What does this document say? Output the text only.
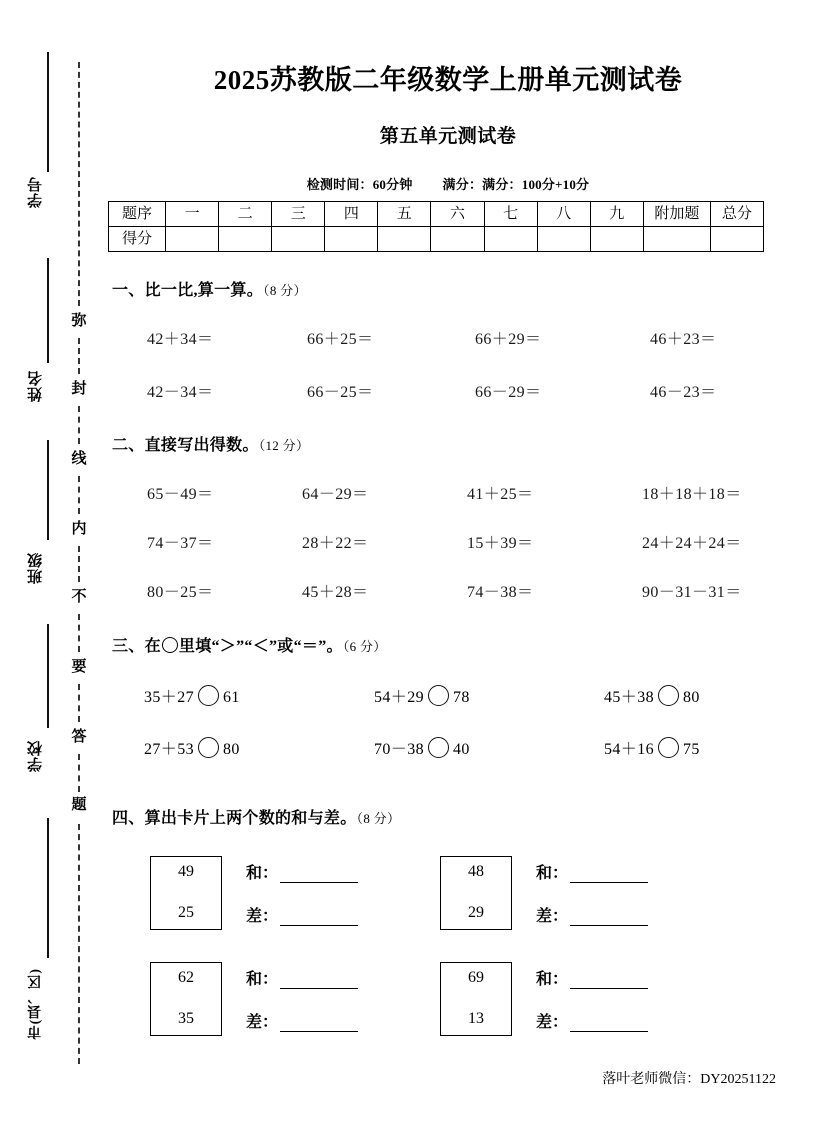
学号
姓名
班级
学校
市(县、区)
弥
封
线
内
不
要
答
题
2025苏教版二年级数学上册单元测试卷
第五单元测试卷

检测时间：60分钟 满分：满分：100分+10分

题序	一	二	三	四	五	六	七	八	九	附加题	总分
得分											
一、比一比,算一算。（8 分）
42＋34＝	66＋25＝	66＋29＝	46＋23＝
42－34＝	66－25＝	66－29＝	46－23＝
二、直接写出得数。（12 分）
65－49＝	64－29＝	41＋25＝	18＋18＋18＝
74－37＝	28＋22＝	15＋39＝	24＋24＋24＝
80－25＝	45＋28＝	74－38＝	90－31－31＝
三、在 里填“＞”“＜”或“＝”。（6 分）
35＋27 61	54＋29 78	45＋38 80
27＋53 80	70－38 40	54＋16 75
四、算出卡片上两个数的和与差。（8 分）
49
25
和：
差：
48
29
和：
差：
62
35
和：
差：
69
13
和：
差：
落叶老师微信：DY20251122
